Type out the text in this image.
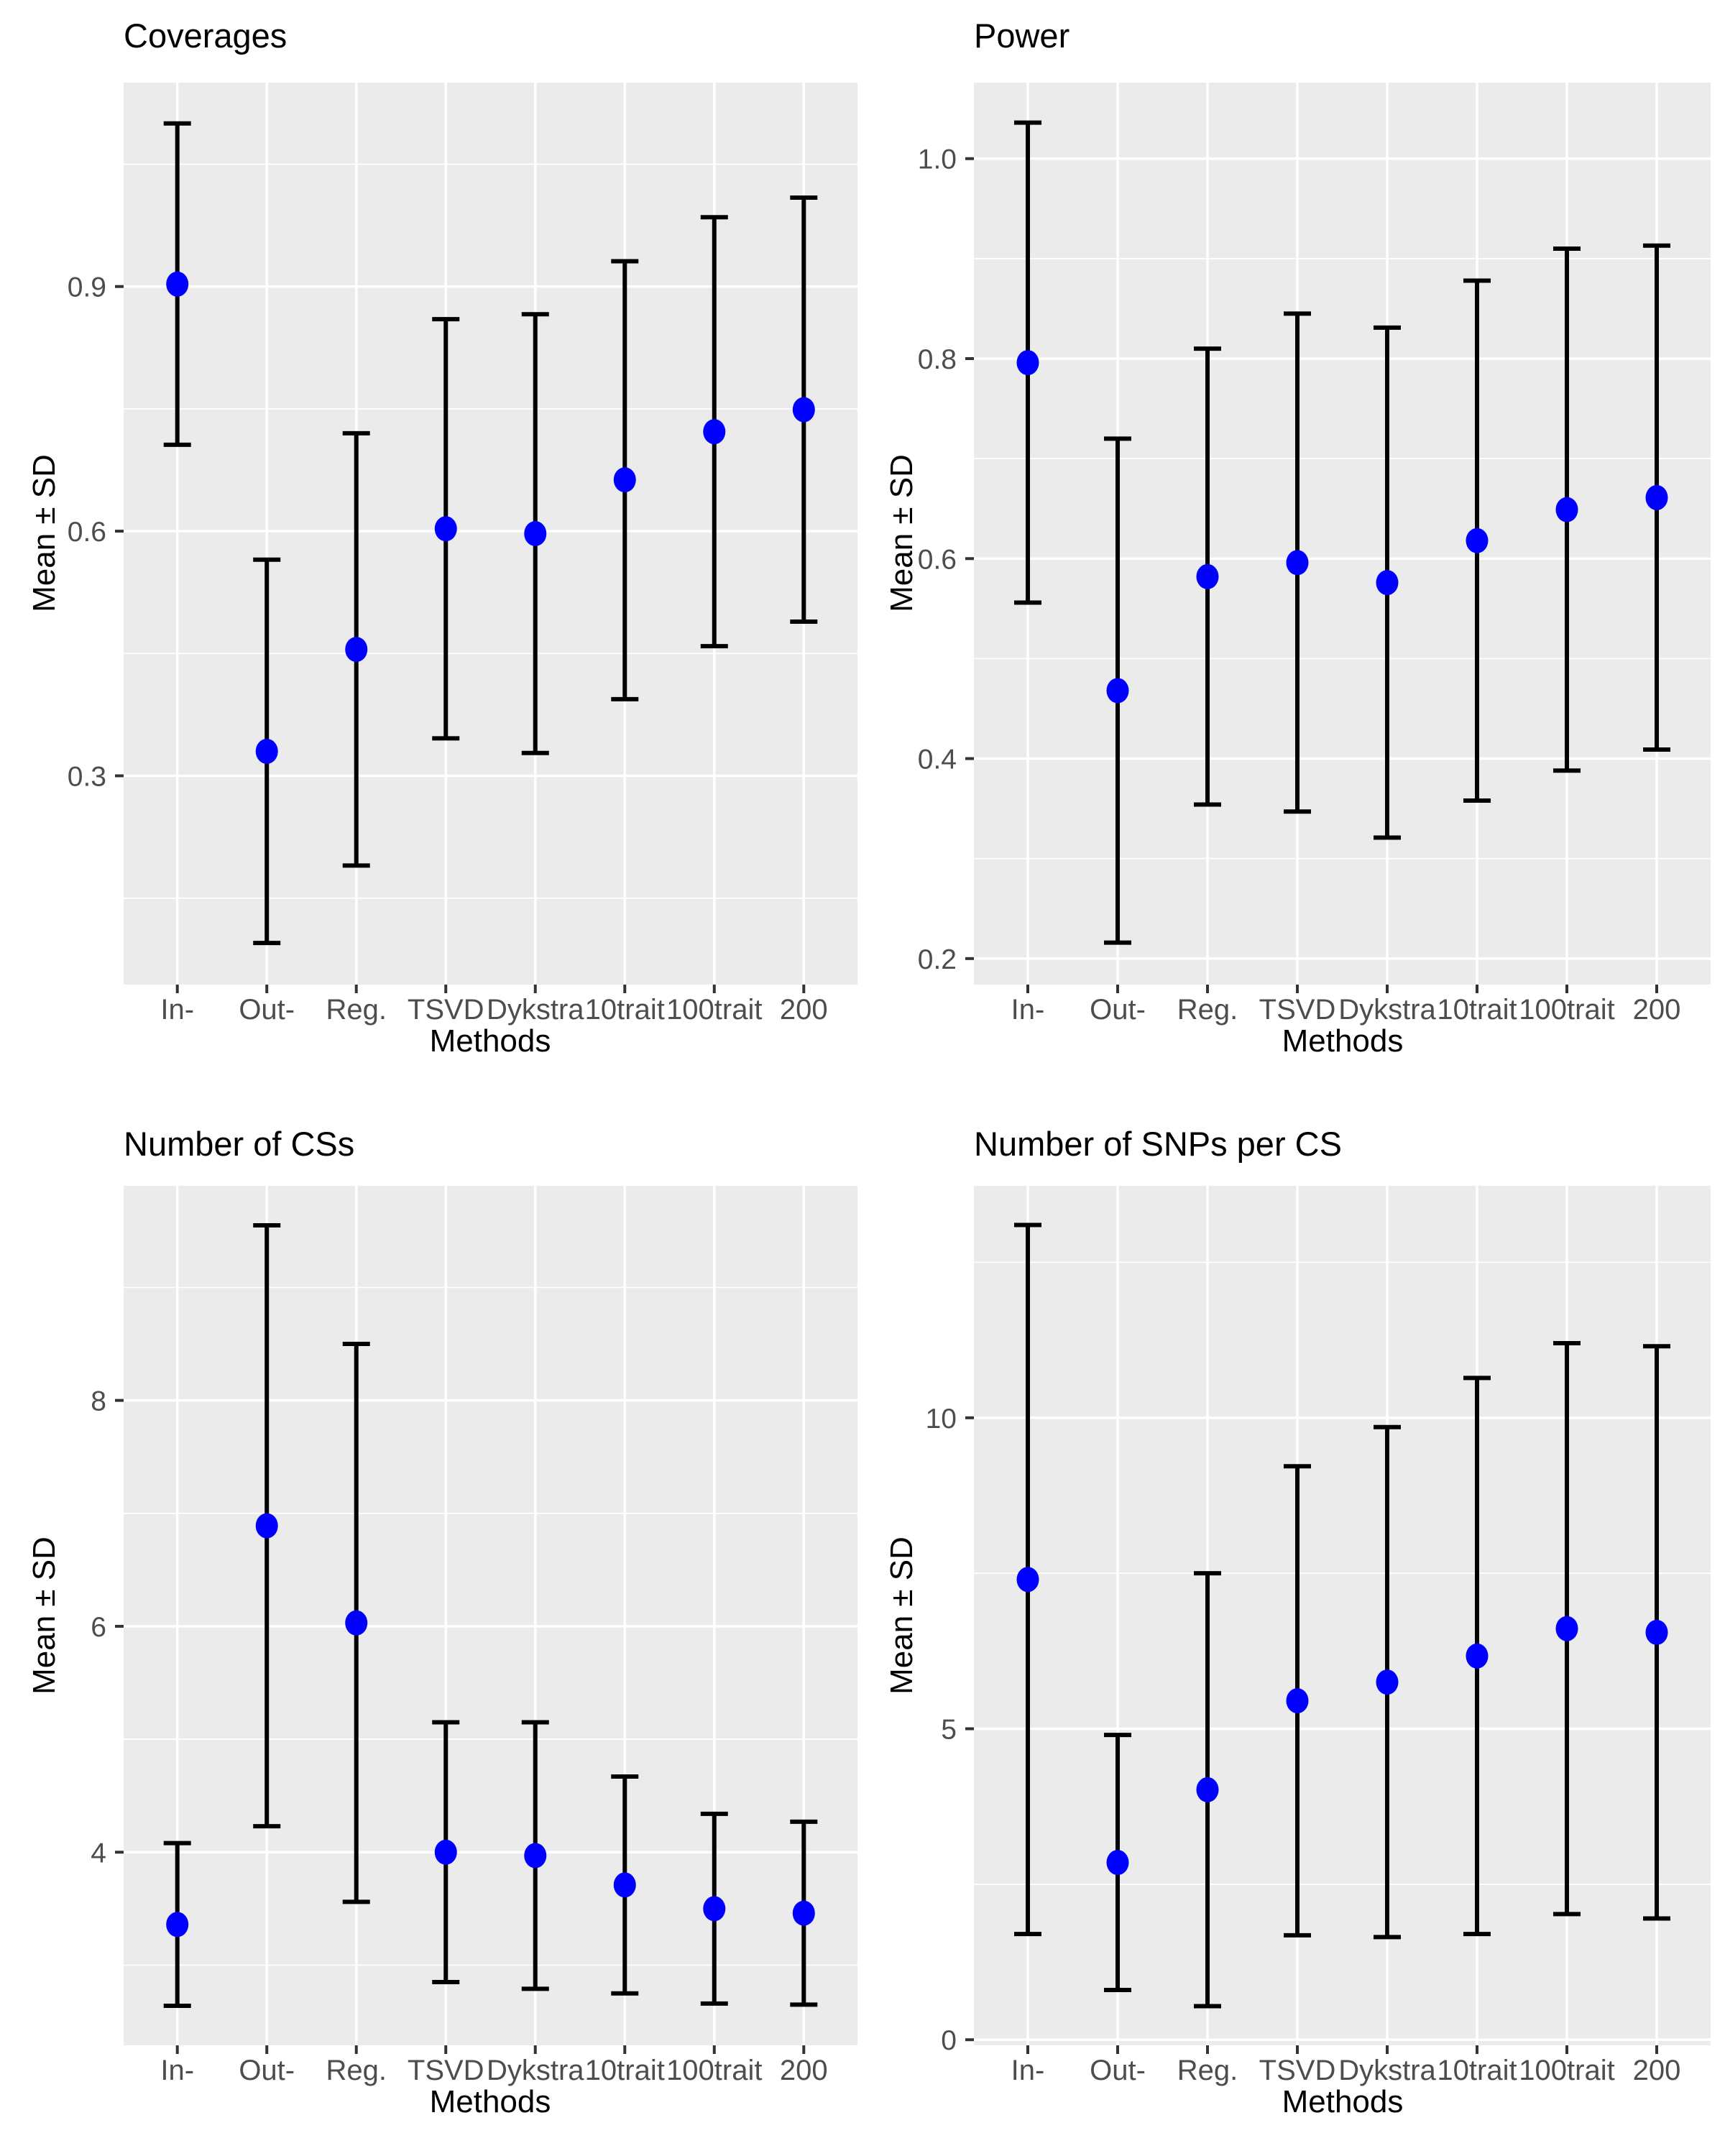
Coverages
Mean ± SD
Methods
0.3
0.6
0.9
In- Out- Reg. TSVD Dykstra 10trait 100trait 200
Power
Mean ± SD
Methods
0.2
0.4
0.6
0.8
1.0
In- Out- Reg. TSVD Dykstra 10trait 100trait 200
Number of CSs
Mean ± SD
Methods
4
6
8
In- Out- Reg. TSVD Dykstra 10trait 100trait 200
Number of SNPs per CS
Mean ± SD
Methods
0
5
10
In- Out- Reg. TSVD Dykstra 10trait 100trait 200
